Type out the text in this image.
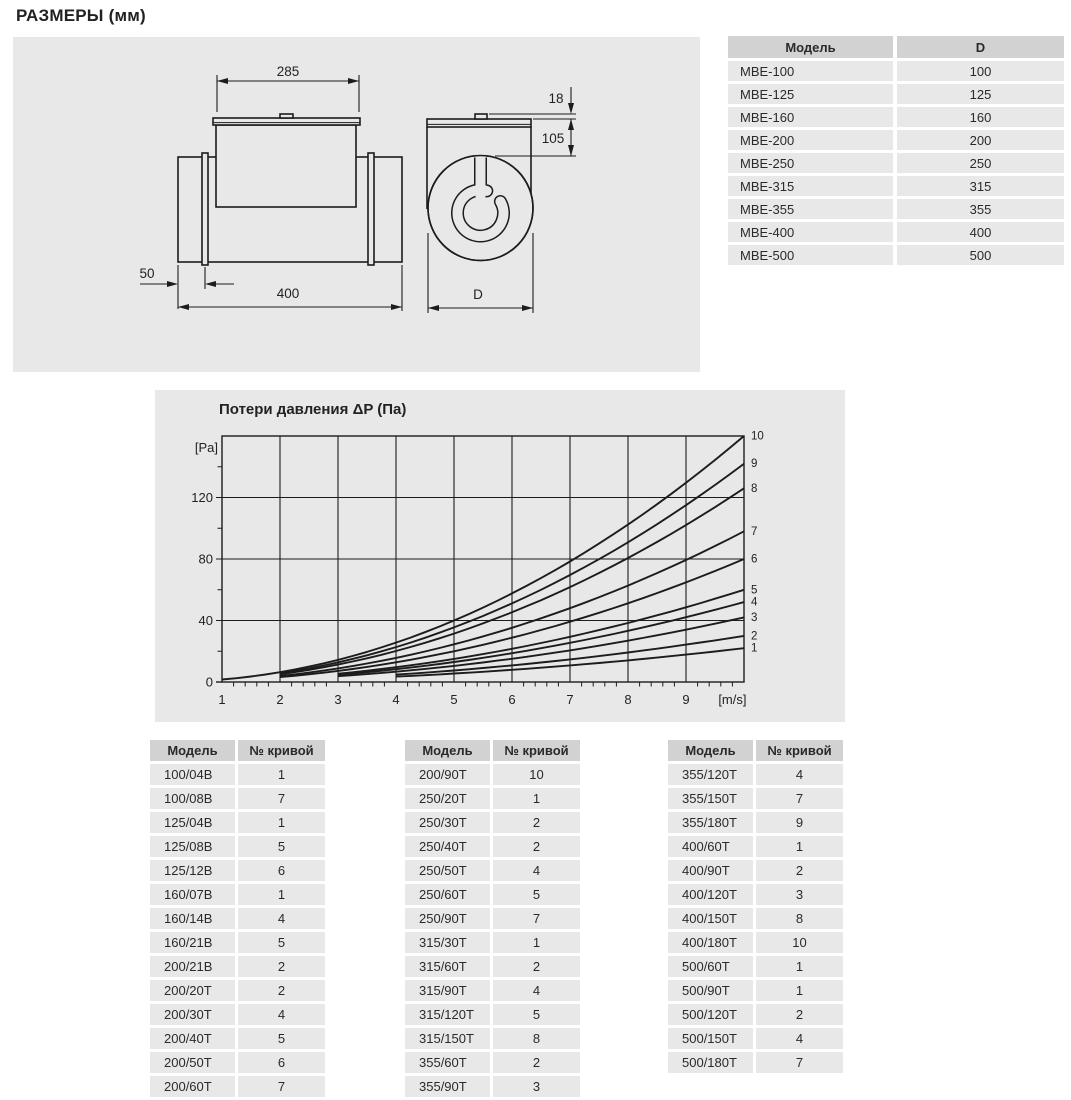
РАЗМЕРЫ (мм)
285
50
400
18
105
D
Модель	D
MBE-100	100
MBE-125	125
MBE-160	160
MBE-200	200
MBE-250	250
MBE-315	315
MBE-355	355
MBE-400	400
MBE-500	500
Потери давления ΔP (Па)
1	2	3	4	5	6	7	8	9 [m/s]
0
40
80
120
[Pa]
1
2
3
4
5
6
7
8
9
10
Модель	№ кривой
100/04B	1
100/08B	7
125/04B	1
125/08B	5
125/12B	6
160/07B	1
160/14B	4
160/21B	5
200/21B	2
200/20T	2
200/30T	4
200/40T	5
200/50T	6
200/60T	7
Модель	№ кривой
200/90T	10
250/20T	1
250/30T	2
250/40T	2
250/50T	4
250/60T	5
250/90T	7
315/30T	1
315/60T	2
315/90T	4
315/120T	5
315/150T	8
355/60T	2
355/90T	3
Модель	№ кривой
355/120T	4
355/150T	7
355/180T	9
400/60T	1
400/90T	2
400/120T	3
400/150T	8
400/180T	10
500/60T	1
500/90T	1
500/120T	2
500/150T	4
500/180T	7
